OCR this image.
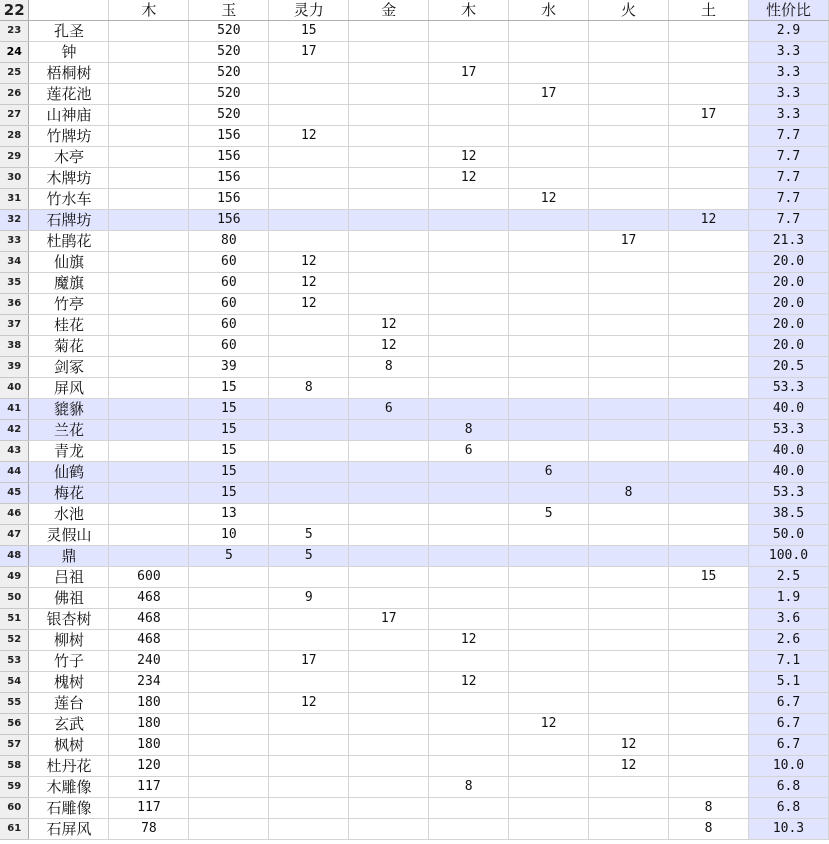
22		木	玉	灵力	金	木	水	火	土	性价比
23	孔圣		520	15						2.9
24	钟		520	17						3.3
25	梧桐树		520			17				3.3
26	莲花池		520				17			3.3
27	山神庙		520						17	3.3
28	竹牌坊		156	12						7.7
29	木亭		156			12				7.7
30	木牌坊		156			12				7.7
31	竹水车		156				12			7.7
32	石牌坊		156						12	7.7
33	杜鹃花		80					17		21.3
34	仙旗		60	12						20.0
35	魔旗		60	12						20.0
36	竹亭		60	12						20.0
37	桂花		60		12					20.0
38	菊花		60		12					20.0
39	剑冢		39		8					20.5
40	屏风		15	8						53.3
41	貔貅		15		6					40.0
42	兰花		15			8				53.3
43	青龙		15			6				40.0
44	仙鹤		15				6			40.0
45	梅花		15					8		53.3
46	水池		13				5			38.5
47	灵假山		10	5						50.0
48	鼎		5	5						100.0
49	吕祖	600							15	2.5
50	佛祖	468		9						1.9
51	银杏树	468			17					3.6
52	柳树	468				12				2.6
53	竹子	240		17						7.1
54	槐树	234				12				5.1
55	莲台	180		12						6.7
56	玄武	180					12			6.7
57	枫树	180						12		6.7
58	杜丹花	120						12		10.0
59	木雕像	117				8				6.8
60	石雕像	117							8	6.8
61	石屏风	78							8	10.3
